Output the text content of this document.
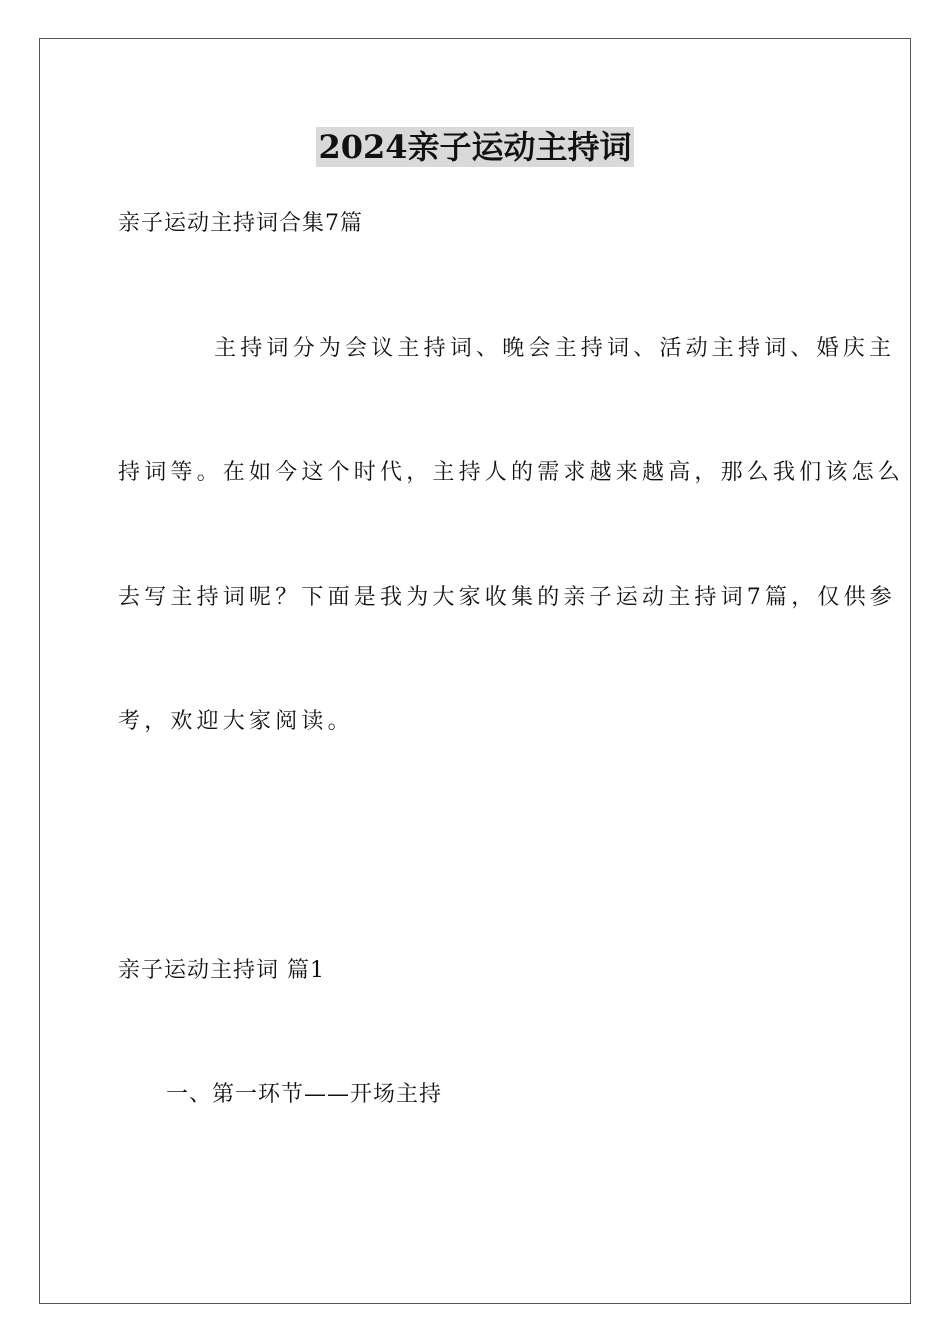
2024亲子运动主持词
亲子运动主持词合集7篇
主持词分为会议主持词、晚会主持词、活动主持词、婚庆主
持词等。在如今这个时代，主持人的需求越来越高，那么我们该怎么
去写主持词呢？下面是我为大家收集的亲子运动主持词7篇，仅供参
考，欢迎大家阅读。
亲子运动主持词 篇1
一、第一环节——开场主持
